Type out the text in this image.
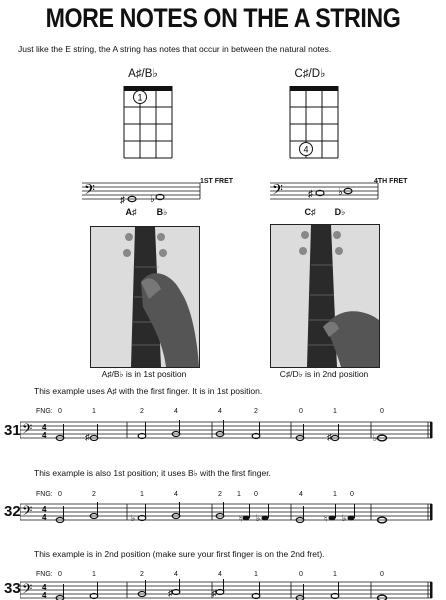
MORE NOTES ON THE A STRING
Just like the E string, the A string has notes that occur in between the natural notes.
A♯/B♭
1
𝄢	♯	♭
1ST FRET
A♯ B♭
A♯/B♭ is in 1st position
C♯/D♭
4
𝄢	♯	♭
4TH FRET
C♯ D♭
C♯/D♭ is in 2nd position
This example uses A♯ with the first finger. It is in 1st position.
FNG: 0	1	2	4	4	2	0	1	0
31 𝄢 4
4	♯	♯	♭
This example is also 1st position; it uses B♭ with the first finger.
FNG: 0	2	1	4	2 1 0	4	1 0
32 𝄢 4
4	♭	♮ ♭	♮ ♭
This example is in 2nd position (make sure your first finger is on the 2nd fret).
FNG: 0	1	2	4	4	1	0	1	0
33 𝄢 4
4	♯	♯
